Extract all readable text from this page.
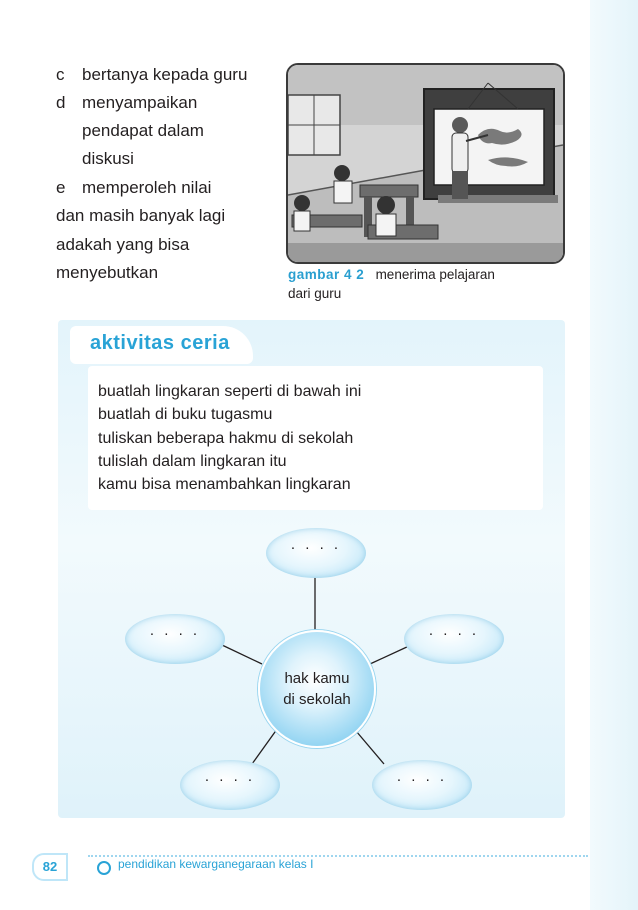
c bertanya kepada guru
d menyampaikan
pendapat dalam
diskusi
e memperoleh nilai
dan masih banyak lagi
adakah yang bisa
menyebutkan	gambar 4 2 menerima pelajaran
dari guru
aktivitas ceria
buatlah lingkaran seperti di bawah ini
buatlah di buku tugasmu
tuliskan beberapa hakmu di sekolah
tulislah dalam lingkaran itu
kamu bisa menambahkan lingkaran
. . . .
. . . .	. . . .
. . . .	. . . .
hak kamu
di sekolah
82	pendidikan kewarganegaraan kelas I
